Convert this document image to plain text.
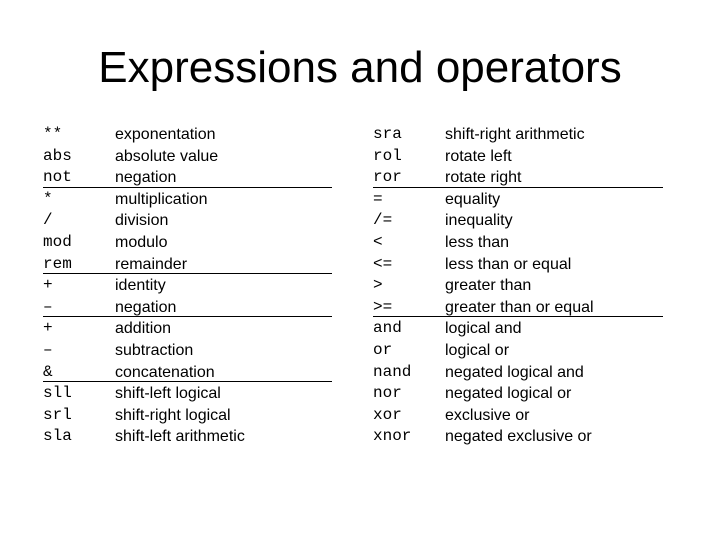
Expressions and operators
**
abs
not
*
/
mod
rem
+
–
+
–
&
sll
srl
sla
exponentation
absolute value
negation
multiplication
division
modulo
remainder
identity
negation
addition
subtraction
concatenation
shift-left logical
shift-right logical
shift-left arithmetic
sra
rol
ror
=
/=
<
<=
>
>=
and
or
nand
nor
xor
xnor
shift-right arithmetic
rotate left
rotate right
equality
inequality
less than
less than or equal
greater than
greater than or equal
logical and
logical or
negated logical and
negated logical or
exclusive or
negated exclusive or
